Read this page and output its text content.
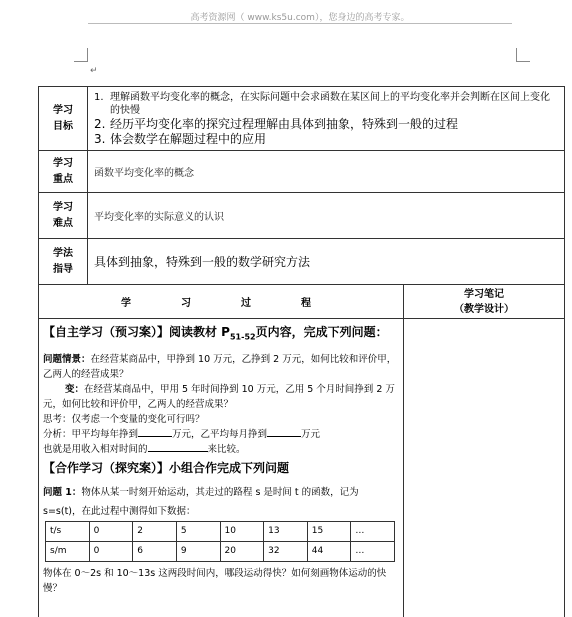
高考资源网（ www.ks5u.com），您身边的高考专家。
↵
学习
目标

1. 理解函数平均变化率的概念，在实际问题中会求函数在某区间上的平均变化率并会判断在区间上变化的快慢
2. 经历平均变化率的探究过程理解由具体到抽象，特殊到一般的过程
3. 体会数学在解题过程中的应用

学习
重点	函数平均变化率的概念

学习
难点	平均变化率的实际意义的认识

学法
指导	具体到抽象，特殊到一般的数学研究方法
学习过程	
学习笔记
（教学设计）

【自主学习（预习案）】阅读教材 $P_{51-52}$页内容，完成下列问题：
问题情景：在经营某商品中，甲挣到 10 万元，乙挣到 2 万元，如何比较和评价甲，乙两人的经营成果？
变：在经营某商品中，甲用 5 年时间挣到 10 万元，乙用 5 个月时间挣到 2 万元，如何比较和评价甲，乙两人的经营成果？
思考：仅考虑一个变量的变化可行吗？
分析：甲平均每年挣到	万元，乙平均每月挣到	万元
也就是用收入相对时间的	来比较。
【合作学习（探究案）】小组合作完成下列问题
问题 1：物体从某一时刻开始运动，其走过的路程 s 是时间 t 的函数，记为
s=s(t)，在此过程中测得如下数据：
t/s	0	2	5	10	13	15	…
s/m	0	6	9	20	32	44	…
物体在 0～2s 和 10～13s 这两段时间内，哪段运动得快？如何刻画物体运动的快慢？
